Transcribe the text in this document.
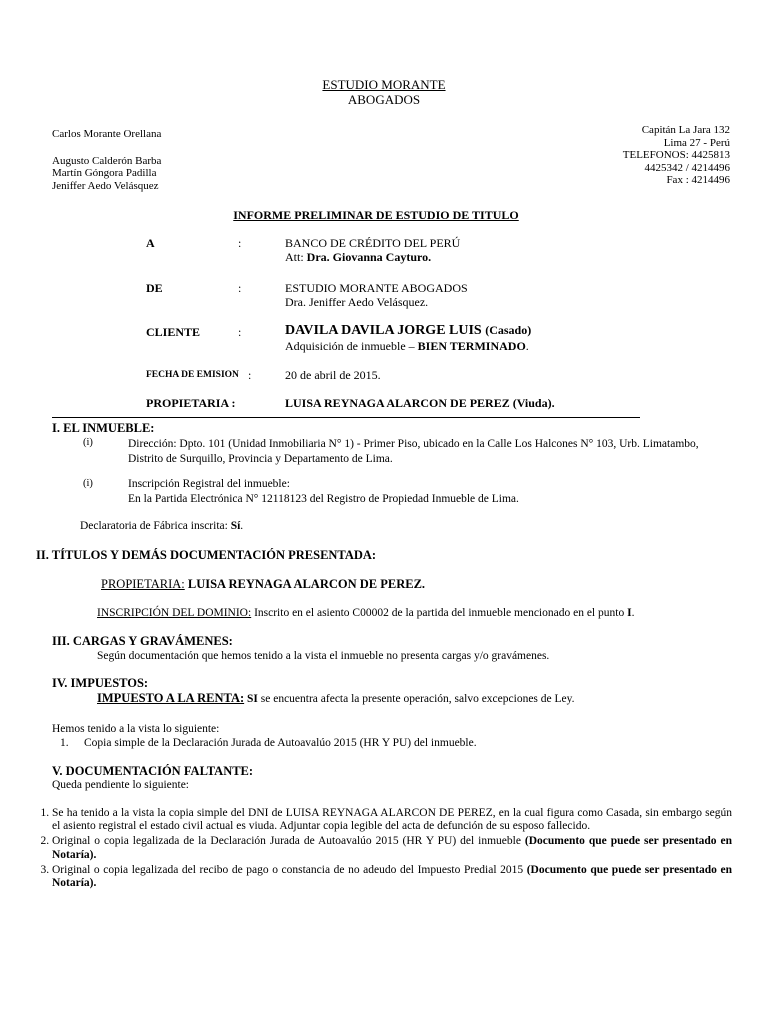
ESTUDIO MORANTE
ABOGADOS
Carlos Morante Orellana
Augusto Calderón Barba
Martín Góngora Padilla
Jeniffer Aedo Velásquez
Capitán La Jara 132
Lima 27 - Perú
TELEFONOS: 4425813
4425342 / 4214496
Fax : 4214496
INFORME PRELIMINAR DE ESTUDIO DE TITULO
A	:	BANCO DE CRÉDITO DEL PERÚ
Att: Dra. Giovanna Cayturo.
DE	:	ESTUDIO MORANTE ABOGADOS
Dra. Jeniffer Aedo Velásquez.
CLIENTE	:	DAVILA DAVILA JORGE LUIS (Casado)
Adquisición de inmueble – BIEN TERMINADO.
FECHA DE EMISION :	20 de abril de 2015.
PROPIETARIA :	LUISA REYNAGA ALARCON DE PEREZ (Viuda).
I. EL INMUEBLE:
(i)	Dirección: Dpto. 101 (Unidad Inmobiliaria N° 1) - Primer Piso, ubicado en la Calle Los Halcones N° 103, Urb. Limatambo, Distrito de Surquillo, Provincia y Departamento de Lima.
(i)	Inscripción Registral del inmueble:
En la Partida Electrónica N° 12118123 del Registro de Propiedad Inmueble de Lima.
Declaratoria de Fábrica inscrita: Sí.
II. TÍTULOS Y DEMÁS DOCUMENTACIÓN PRESENTADA:
PROPIETARIA: LUISA REYNAGA ALARCON DE PEREZ.
INSCRIPCIÓN DEL DOMINIO: Inscrito en el asiento C00002 de la partida del inmueble mencionado en el punto I.
III. CARGAS Y GRAVÁMENES:
Según documentación que hemos tenido a la vista el inmueble no presenta cargas y/o gravámenes.
IV. IMPUESTOS:
IMPUESTO A LA RENTA: SI se encuentra afecta la presente operación, salvo excepciones de Ley.
Hemos tenido a la vista lo siguiente:
1. Copia simple de la Declaración Jurada de Autoavalúo 2015 (HR Y PU) del inmueble.
V. DOCUMENTACIÓN FALTANTE:
Queda pendiente lo siguiente:
1. Se ha tenido a la vista la copia simple del DNI de LUISA REYNAGA ALARCON DE PEREZ, en la cual figura como Casada, sin embargo según el asiento registral el estado civil actual es viuda. Adjuntar copia legible del acta de defunción de su esposo fallecido.
2. Original o copia legalizada de la Declaración Jurada de Autoavalúo 2015 (HR Y PU) del inmueble (Documento que puede ser presentado en Notaría).
3. Original o copia legalizada del recibo de pago o constancia de no adeudo del Impuesto Predial 2015 (Documento que puede ser presentado en Notaría).
